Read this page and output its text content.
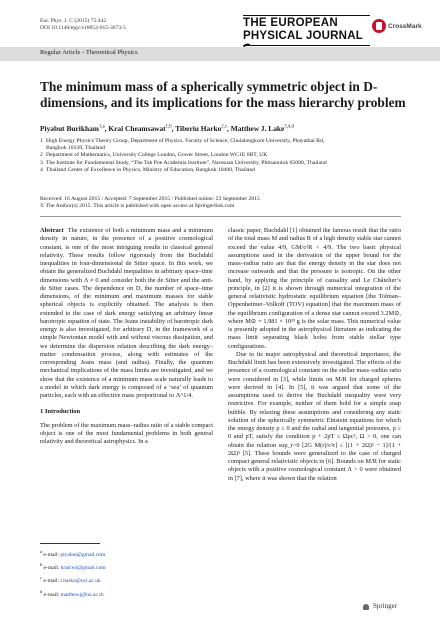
Eur. Phys. J. C (2015) 75:442
DOI 10.1140/epjc/s10052-015-3673-5	THE EUROPEAN
PHYSICAL JOURNAL
CrossMark
Regular Article - Theoretical Physics
The minimum mass of a spherically symmetric object in D-dimensions, and its implications for the mass hierarchy problem
Piyabut Burikham$^{1,a}$, Krai Cheamsawat$^{1,b}$, Tiberiu Harko$^{2,c}$, Matthew J. Lake$^{3,4,d}$
1 High Energy Physics Theory Group, Department of Physics, Faculty of Science, Chulalongkorn University, Phayathai Rd,
Bangkok 10330, Thailand
2 Department of Mathematics, University College London, Gower Street, London WC1E 6BT, UK
3 The Institute for Fundamental Study, “The Tah Poe Academia Institute”, Naresuan University, Phitsanulok 65000, Thailand
4 Thailand Center of Excellence in Physics, Ministry of Education, Bangkok 10400, Thailand
Received: 16 August 2015 / Accepted: 7 September 2015 / Published online: 23 September 2015
© The Author(s) 2015. This article is published with open access at Springerlink.com

Abstract The existence of both a minimum mass and a minimum density in nature, in the presence of a positive cosmological constant, is one of the most intriguing results in classical general relativity. These results follow rigorously from the Buchdahl inequalities in four-dimensional de Sitter space. In this work, we obtain the generalized Buchdahl inequalities in arbitrary space–time dimensions with Λ ≠ 0 and consider both the de Sitter and the anti-de Sitter cases. The dependence on D, the number of space–time dimensions, of the minimum and maximum masses for stable spherical objects is explicitly obtained. The analysis is then extended to the case of dark energy satisfying an arbitrary linear barotropic equation of state. The Jeans instability of barotropic dark energy is also investigated, for arbitrary D, in the framework of a simple Newtonian model with and without viscous dissipation, and we determine the dispersion relation describing the dark energy–matter condensation process, along with estimates of the corresponding Jeans mass (and radius). Finally, the quantum mechanical implications of the mass limits are investigated, and we show that the existence of a minimum mass scale naturally leads to a model in which dark energy is composed of a ‘sea’ of quantum particles, each with an effective mass proportional to Λ^1/4.

1 Introduction

The problem of the maximum mass–radius ratio of a stable compact object is one of the most fundamental problems in both general relativity and theoretical astrophysics. In a

$^a$ e-mail: piyabut@gmail.com
$^b$ e-mail: kraicwt@gmail.com
$^c$ e-mail: t.harko@ucl.ac.uk
$^d$ e-mail: matthewj@nu.ac.th

classic paper, Buchdahl [1] obtained the famous result that the ratio of the total mass M and radius R of a high density stable star cannot exceed the value 4/9, GM/c²R < 4/9. The two basic physical assumptions used in the derivation of the upper bound for the mass–radius ratio are that the energy density in the star does not increase outwards and that the pressure is isotropic. On the other hand, by applying the principle of causality and Le Châtelier’s principle, in [2] it is shown through numerical integration of the general relativistic hydrostatic equilibrium equation [the Tolman–Oppenheimer–Volkoff (TOV) equation] that the maximum mass of the equilibrium configuration of a dense star cannot exceed 3.2M⊙, where M⊙ = 1.981 × 10³³ g is the solar mass. This numerical value is presently adopted in the astrophysical literature as indicating the mass limit separating black holes from stable stellar type configurations.

Due to its major astrophysical and theoretical importance, the Buchdahl limit has been extensively investigated. The effects of the presence of a cosmological constant on the stellar mass–radius ratio were considered in [3], while limits on M/R for charged spheres were derived in [4]. In [5], it was argued that some of the assumptions used to derive the Buchdahl inequality were very restrictive. For example, neither of them hold for a simple soap bubble. By relaxing these assumptions and considering any static solution of the spherically symmetric Einstein equations for which the energy density ρ ≥ 0 and the radial and tangential pressures, p ≥ 0 and pT, satisfy the condition p + 2pT ≤ Ωρc², Ω > 0, one can obtain the relation sup_r>0 [2G M(r)/c²r] ≤ [(1 + 2Ω)² − 1]/(1 + 2Ω)² [5]. These bounds were generalized to the case of charged compact general relativistic objects in [6]. Bounds on M/R for static objects with a positive cosmological constant Λ > 0 were obtained in [7], where it was shown that the relation

Springer
